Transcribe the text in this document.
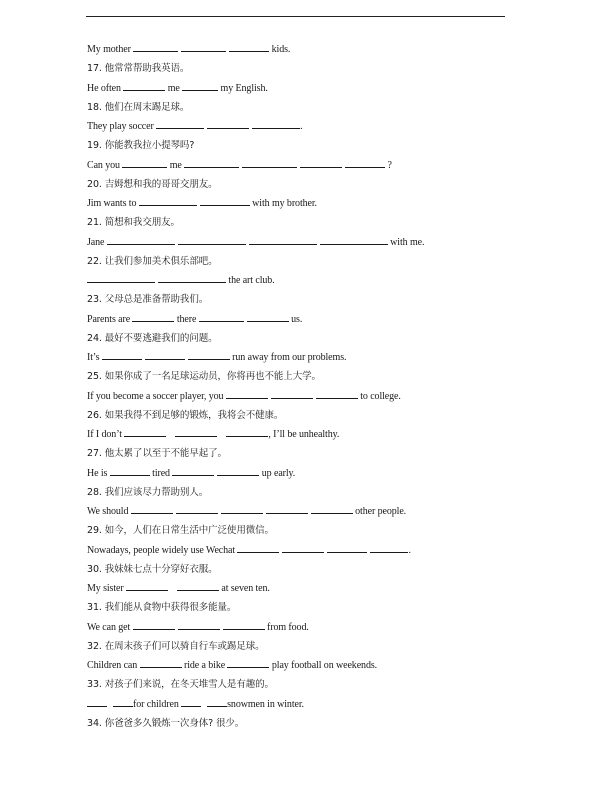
My mother	kids.
17. 他常常帮助我英语。
He often	me	my English.
18. 他们在周末踢足球。
They play soccer	.
19. 你能教我拉小提琴吗?
Can you	me	?
20. 吉姆想和我的哥哥交朋友。
Jim wants to	with my brother.
21. 简想和我交朋友。
Jane	with me.
22. 让我们参加美术俱乐部吧。
the art club.
23. 父母总是准备帮助我们。
Parents are	there	us.
24. 最好不要逃避我们的问题。
It’s	run away from our problems.
25. 如果你成了一名足球运动员，你将再也不能上大学。
If you become a soccer player, you	to college.
26. 如果我得不到足够的锻炼，我将会不健康。
If I don’t	, I’ll be unhealthy.
27. 他太累了以至于不能早起了。
He is	tired	up early.
28. 我们应该尽力帮助别人。
We should	other people.
29. 如今，人们在日常生活中广泛使用微信。
Nowadays, people widely use Wechat	.
30. 我妹妹七点十分穿好衣服。
My sister	at seven ten.
31. 我们能从食物中获得很多能量。
We can get	from food.
32. 在周末孩子们可以骑自行车或踢足球。
Children can	ride a bike	play football on weekends.
33. 对孩子们来说，在冬天堆雪人是有趣的。
for children	snowmen in winter.
34. 你爸爸多久锻炼一次身体? 很少。
